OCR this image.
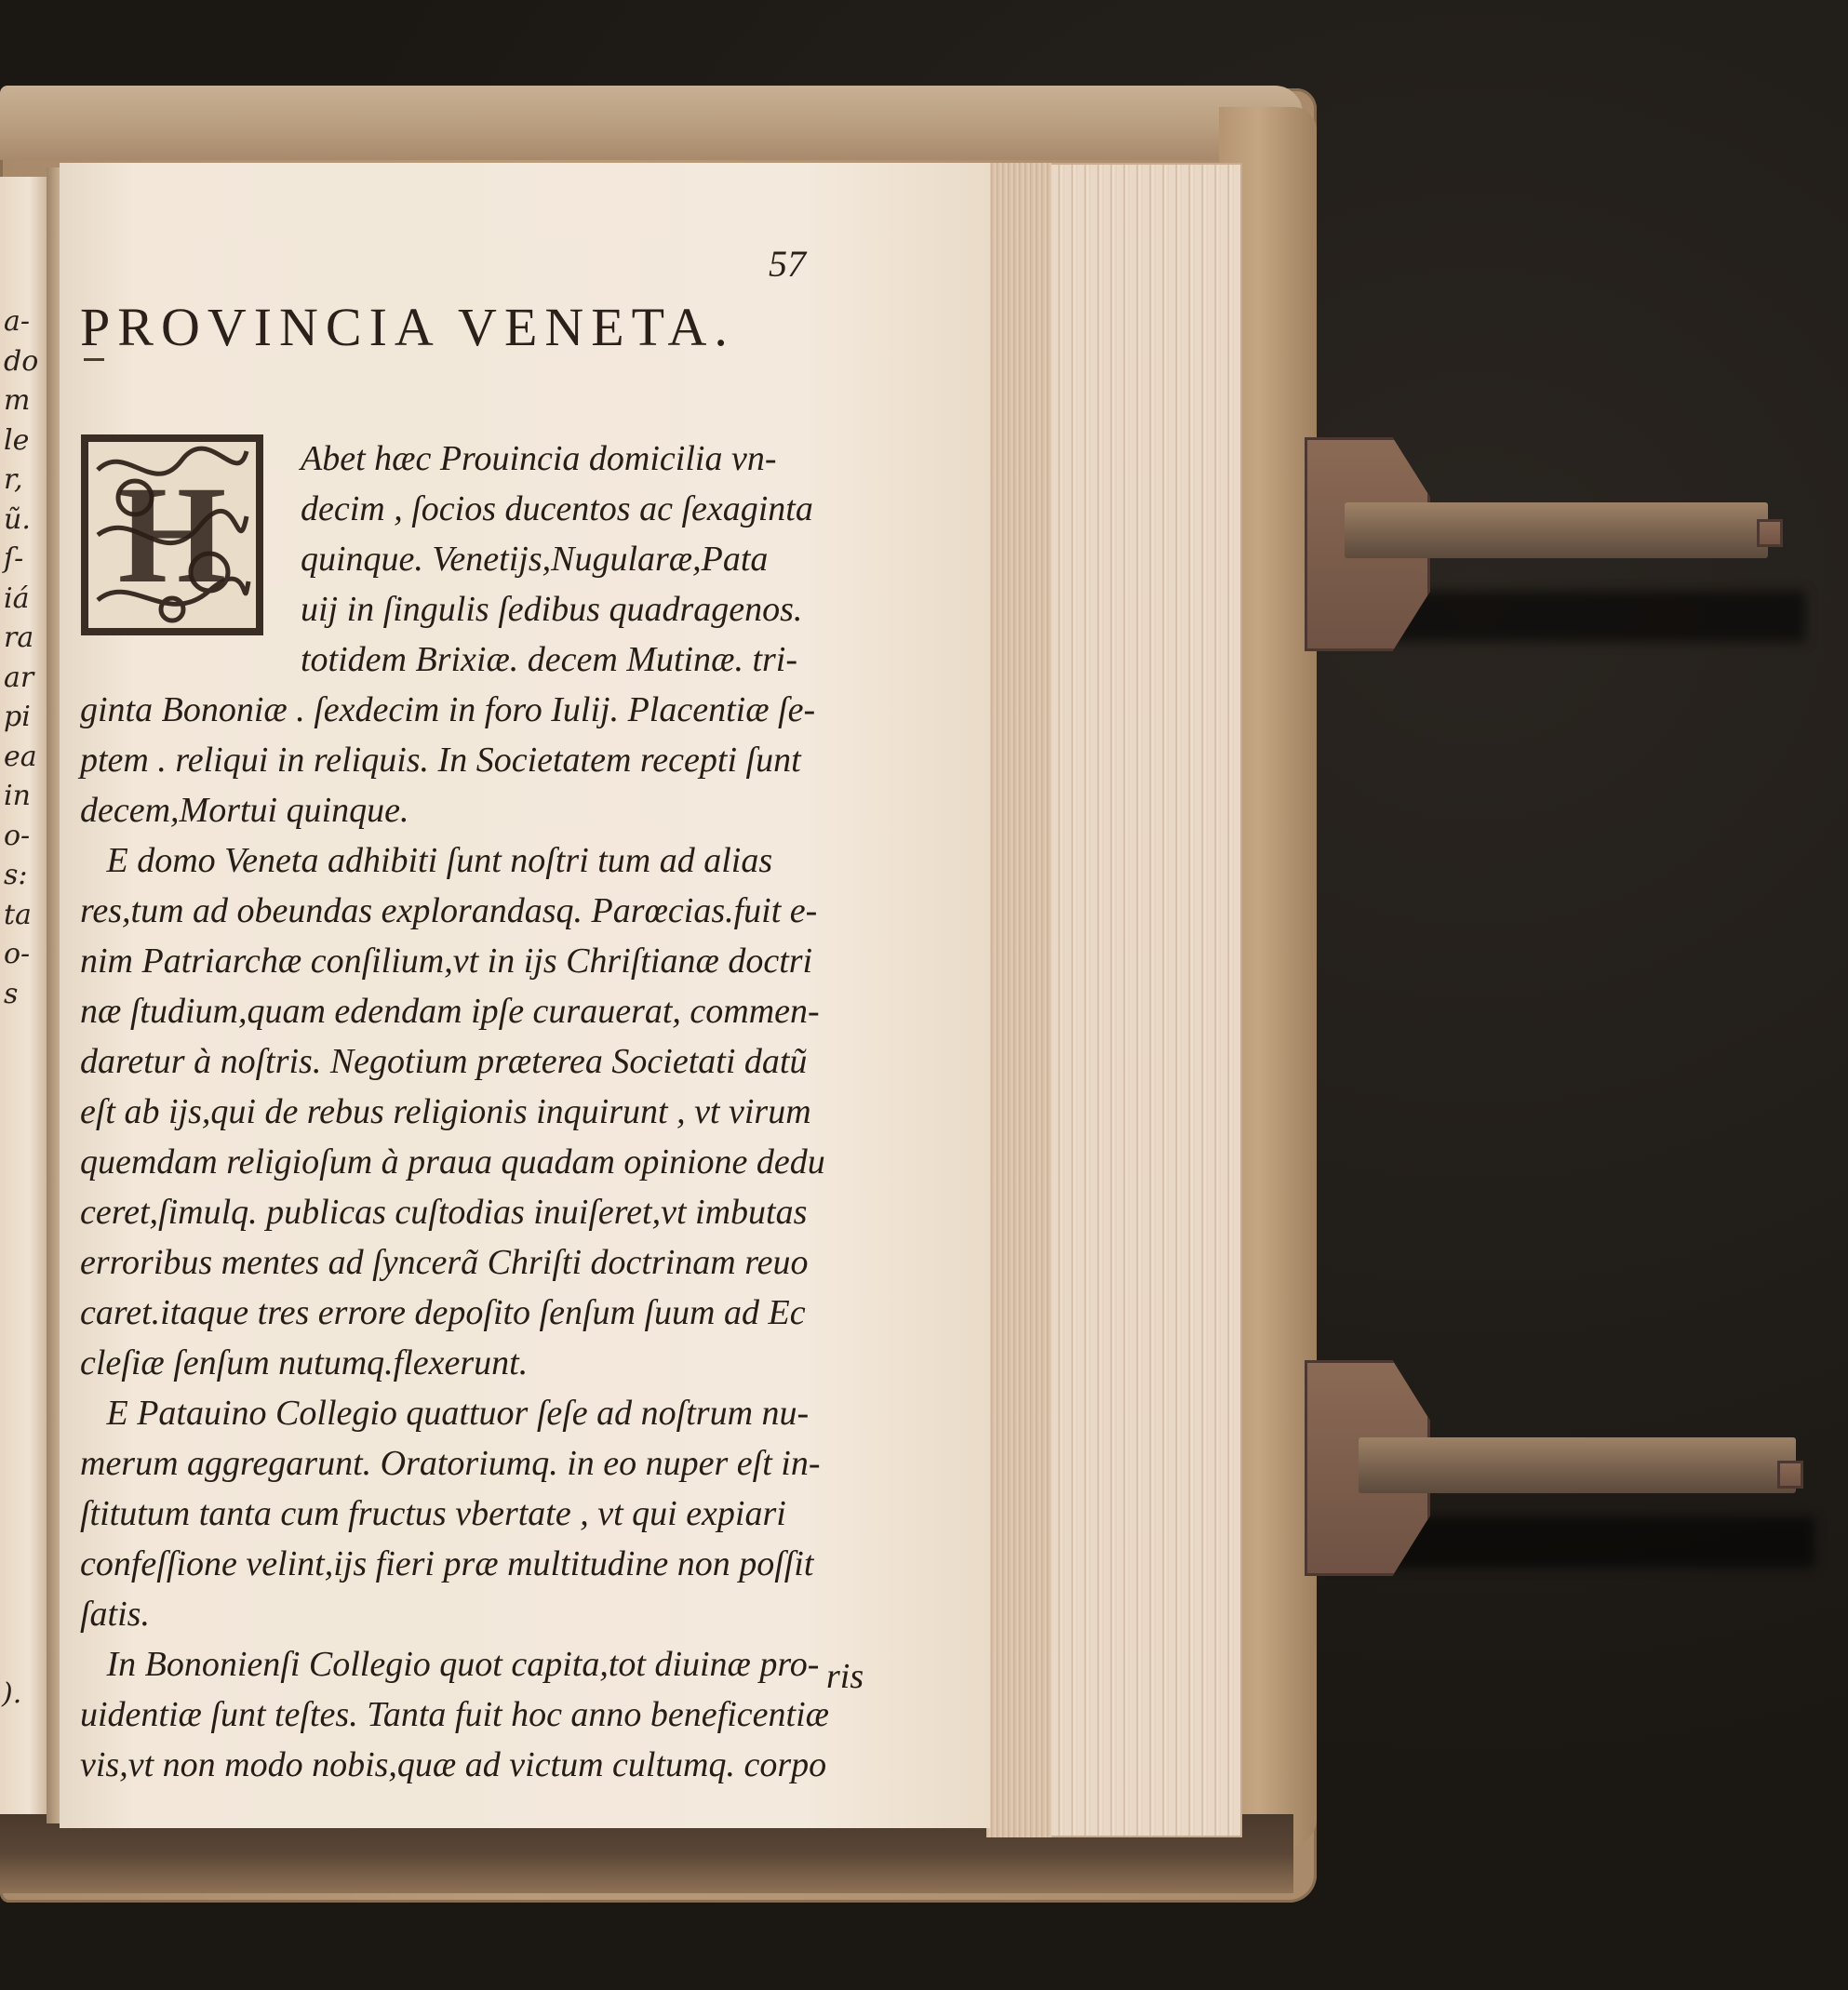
a-
do
m
le
r,
ũ.
ſ-
iá
ra
ar
pi
ea
in
o-
s:
ta
o-
s
).
57
PROVINCIA VENETA.
H Abet hæc Prouincia domicilia vn-
decim , ſocios ducentos ac ſexaginta
quinque. Venetijs,Nugularæ,Pata
uij in ſingulis ſedibus quadragenos.
totidem Brixiæ. decem Mutinæ. tri-
ginta Bononiæ . ſexdecim in foro Iulij. Placentiæ ſe-
ptem . reliqui in reliquis. In Societatem recepti ſunt
decem,Mortui quinque.
E domo Veneta adhibiti ſunt noſtri tum ad alias
res,tum ad obeundas explorandasq. Parœcias.fuit e-
nim Patriarchæ conſilium,vt in ijs Chriſtianæ doctri
næ ſtudium,quam edendam ipſe curauerat, commen-
daretur à noſtris. Negotium præterea Societati datũ
eſt ab ijs,qui de rebus religionis inquirunt , vt virum
quemdam religioſum à praua quadam opinione dedu
ceret,ſimulq. publicas cuſtodias inuiſeret,vt imbutas
erroribus mentes ad ſyncerã Chriſti doctrinam reuo
caret.itaque tres errore depoſito ſenſum ſuum ad Ec
cleſiæ ſenſum nutumq.flexerunt.
E Patauino Collegio quattuor ſeſe ad noſtrum nu-
merum aggregarunt. Oratoriumq. in eo nuper eſt in-
ſtitutum tanta cum fructus vbertate , vt qui expiari
confeſſione velint,ijs fieri præ multitudine non poſſit
ſatis.
In Bononienſi Collegio quot capita,tot diuinæ pro-
uidentiæ ſunt teſtes. Tanta fuit hoc anno beneficentiæ
vis,vt non modo nobis,quæ ad victum cultumq. corpo
ris
